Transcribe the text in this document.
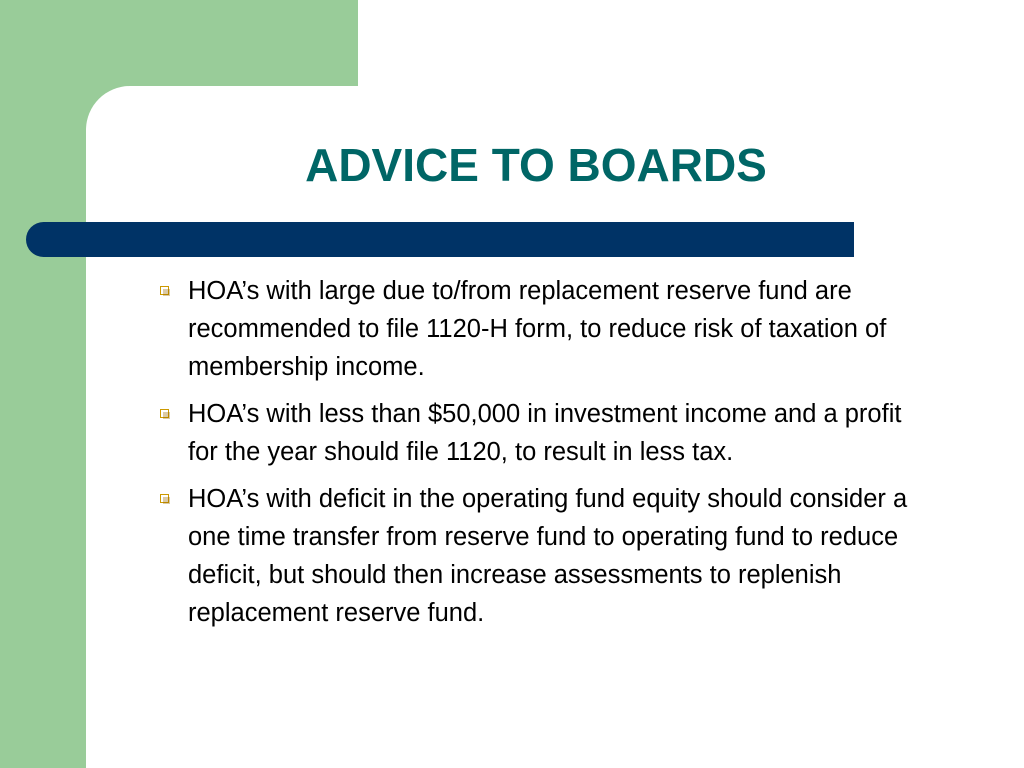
ADVICE TO BOARDS
HOA’s with large due to/from replacement reserve fund are recommended to file 1120-H form, to reduce risk of taxation of membership income.
HOA’s with less than $50,000 in investment income and a profit for the year should file 1120, to result in less tax.
HOA’s with deficit in the operating fund equity should consider a one time transfer from reserve fund to operating fund to reduce deficit, but should then increase assessments to replenish replacement reserve fund.
